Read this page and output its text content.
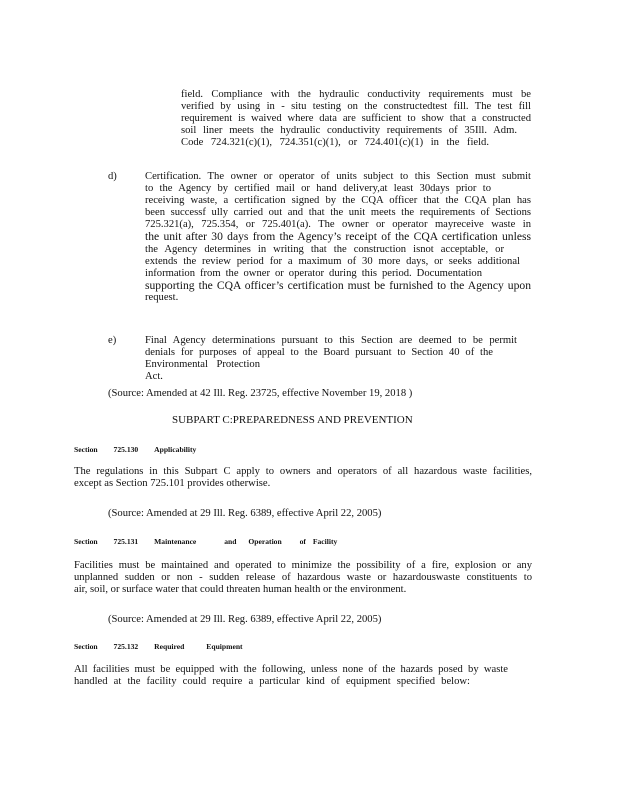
field. Compliance with the hydraulic conductivity requirements must be
verified by using in - situ testing on the constructedtest fill. The test fill
requirement is waived where data are sufficient to show that a constructed
soil liner meets the hydraulic conductivity requirements of 35Ill. Adm.
Code 724.321(c)(1), 724.351(c)(1), or 724.401(c)(1) in the field.
d)	Certification. The owner or operator of units subject to this Section must submit
to the Agency by certified mail or hand delivery,at least 30days prior to
receiving waste, a certification signed by the CQA officer that the CQA plan has
been successf ully carried out and that the unit meets the requirements of Sections
725.321(a), 725.354, or 725.401(a). The owner or operator mayreceive waste in
the unit after 30 days from the Agency’s receipt of the CQA certification unless
the Agency determines in writing that the construction isnot acceptable, or
extends the review period for a maximum of 30 more days, or seeks additional
information from the owner or operator during this period. Documentation
supporting the CQA officer’s certification must be furnished to the Agency upon
request.
e)	Final Agency determinations pursuant to this Section are deemed to be permit
denials for purposes of appeal to the Board pursuant to Section 40 of the
Environmental Protection Act.
(Source: Amended at 42 Ill. Reg. 23725, effective November 19, 2018 )
SUBPART C:PREPAREDNESS AND PREVENTION
Section 725.130 Applicability
The regulations in this Subpart C apply to owners and operators of all hazardous waste facilities,
except as Section 725.101 provides otherwise.
(Source: Amended at 29 Ill. Reg. 6389, effective April 22, 2005)
Section 725.131 Maintenance	and Operation of Facility
Facilities must be maintained and operated to minimize the possibility of a fire, explosion or any
unplanned sudden or non - sudden release of hazardous waste or hazardouswaste constituents to
air, soil, or surface water that could threaten human health or the environment.
(Source: Amended at 29 Ill. Reg. 6389, effective April 22, 2005)
Section 725.132 Required	Equipment
All facilities must be equipped with the following, unless none of the hazards posed by waste
handled at the facility could require a particular kind of equipment specified below:
